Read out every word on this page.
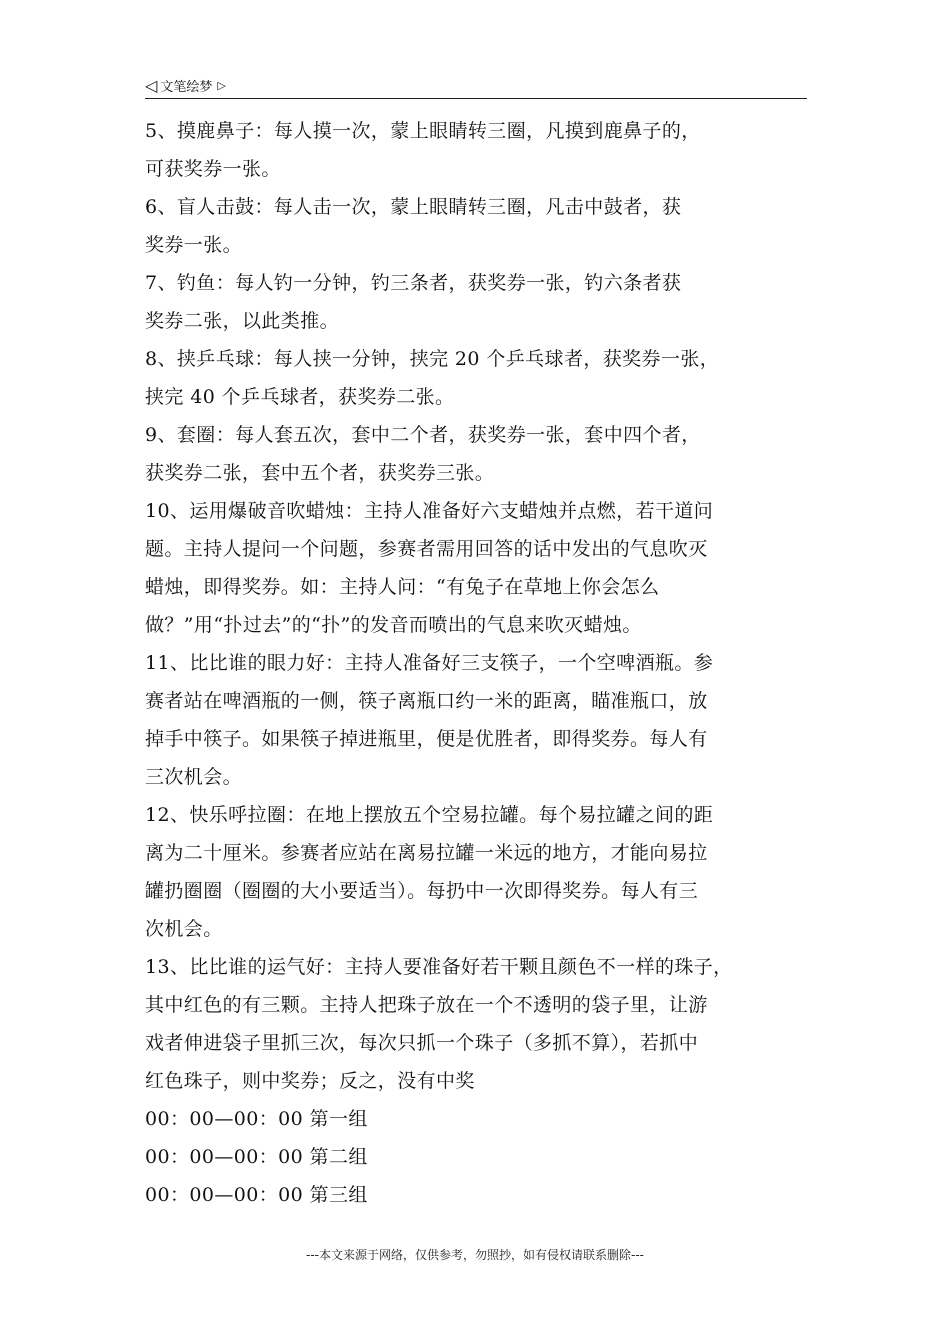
◁ 文笔绘梦 ▷
5、摸鹿鼻子：每人摸一次，蒙上眼睛转三圈，凡摸到鹿鼻子的，
可获奖券一张。
6、盲人击鼓：每人击一次，蒙上眼睛转三圈，凡击中鼓者，获
奖券一张。
7、钓鱼：每人钓一分钟，钓三条者，获奖券一张，钓六条者获
奖券二张，以此类推。
8、挟乒乓球：每人挟一分钟，挟完 20 个乒乓球者，获奖券一张，
挟完 40 个乒乓球者，获奖券二张。
9、套圈：每人套五次，套中二个者，获奖券一张，套中四个者，
获奖券二张，套中五个者，获奖券三张。
10、运用爆破音吹蜡烛：主持人准备好六支蜡烛并点燃，若干道问
题。主持人提问一个问题，参赛者需用回答的话中发出的气息吹灭
蜡烛，即得奖券。如：主持人问：“有兔子在草地上你会怎么
做？”用“扑过去”的“扑”的发音而喷出的气息来吹灭蜡烛。
11、比比谁的眼力好：主持人准备好三支筷子，一个空啤酒瓶。参
赛者站在啤酒瓶的一侧，筷子离瓶口约一米的距离，瞄准瓶口，放
掉手中筷子。如果筷子掉进瓶里，便是优胜者，即得奖券。每人有
三次机会。
12、快乐呼拉圈：在地上摆放五个空易拉罐。每个易拉罐之间的距
离为二十厘米。参赛者应站在离易拉罐一米远的地方，才能向易拉
罐扔圈圈（圈圈的大小要适当）。每扔中一次即得奖券。每人有三
次机会。
13、比比谁的运气好：主持人要准备好若干颗且颜色不一样的珠子，
其中红色的有三颗。主持人把珠子放在一个不透明的袋子里，让游
戏者伸进袋子里抓三次，每次只抓一个珠子（多抓不算），若抓中
红色珠子，则中奖券；反之，没有中奖
00：00—00：00 第一组
00：00—00：00 第二组
00：00—00：00 第三组
---本文来源于网络，仅供参考，勿照抄，如有侵权请联系删除---
